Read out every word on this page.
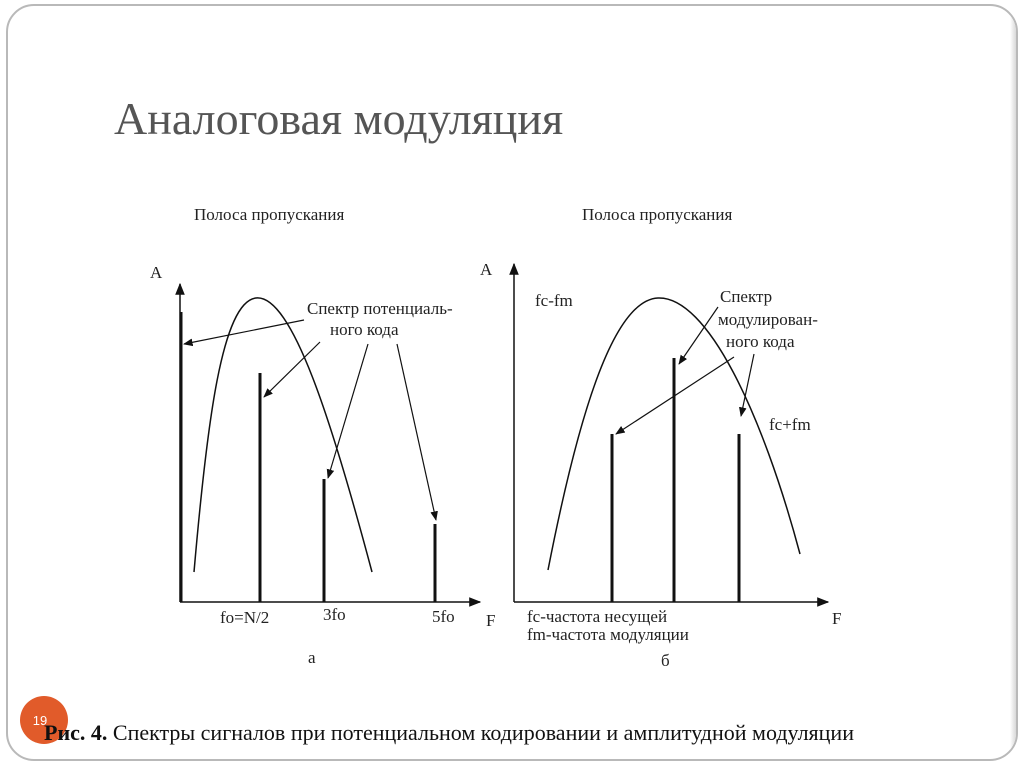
Аналоговая модуляция
Полоса пропускания
A
F
Спектр потенциаль-
ного кода
fo=N/2	3fo	5fo
а
Полоса пропускания
A
F
fc-fm
fc+fm
Спектр
модулирован-
ного кода
fc-частота несущей
fm-частота модуляции
б
19
Рис. 4. Спектры сигналов при потенциальном кодировании и амплитудной модуляции
